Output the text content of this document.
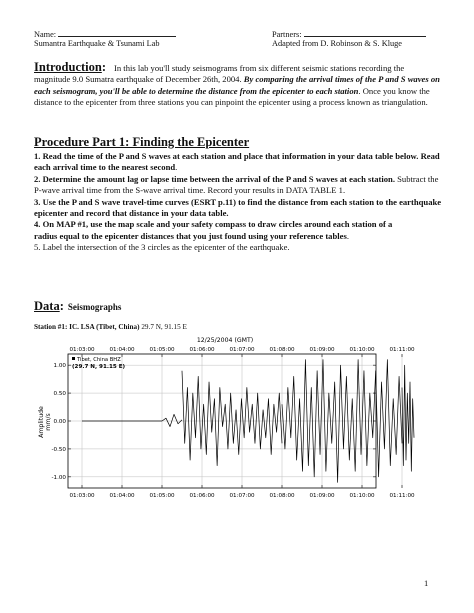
Name:	Partners:
Sumantra Earthquake & Tsunami Lab	Adapted from D. Robinson & S. Kluge
Introduction: In this lab you'll study seismograms from six different seismic stations recording the magnitude 9.0 Sumatra earthquake of December 26th, 2004. By comparing the arrival times of the P and S waves on each seismogram, you'll be able to determine the distance from the epicenter to each station. Once you know the distance to the epicenter from three stations you can pinpoint the epicenter using a process known as triangulation.
Procedure Part 1: Finding the Epicenter

1. Read the time of the P and S waves at each station and place that information in your data table below. Read each arrival time to the nearest second.

2. Determine the amount lag or lapse time between the arrival of the P and S waves at each station. Subtract the P-wave arrival time from the S-wave arrival time. Record your results in DATA TABLE 1.

3. Use the P and S wave travel-time curves (ESRT p.11) to find the distance from each station to the earthquake epicenter and record that distance in your data table.

4. On MAP #1, use the map scale and your safety compass to draw circles around each station of a

radius equal to the epicenter distances that you just found using your reference tables.

5. Label the intersection of the 3 circles as the epicenter of the earthquake.

Data: Seismographs
Station #1: IC. LSA (Tibet, China) 29.7 N, 91.15 E
12/25/2004 (GMT)
01:03:00	01:04:00	01:05:00	01:06:00	01:07:00	01:08:00	01:09:00	01:10:00	01:11:00
01:03:00	01:04:00	01:05:00	01:06:00	01:07:00	01:08:00	01:09:00	01:10:00	01:11:00
-1.00
-0.50
0.00
0.50
1.00
Tibet, China BHZ
(29.7 N, 91.15 E)
Amplitude mm/s
1
